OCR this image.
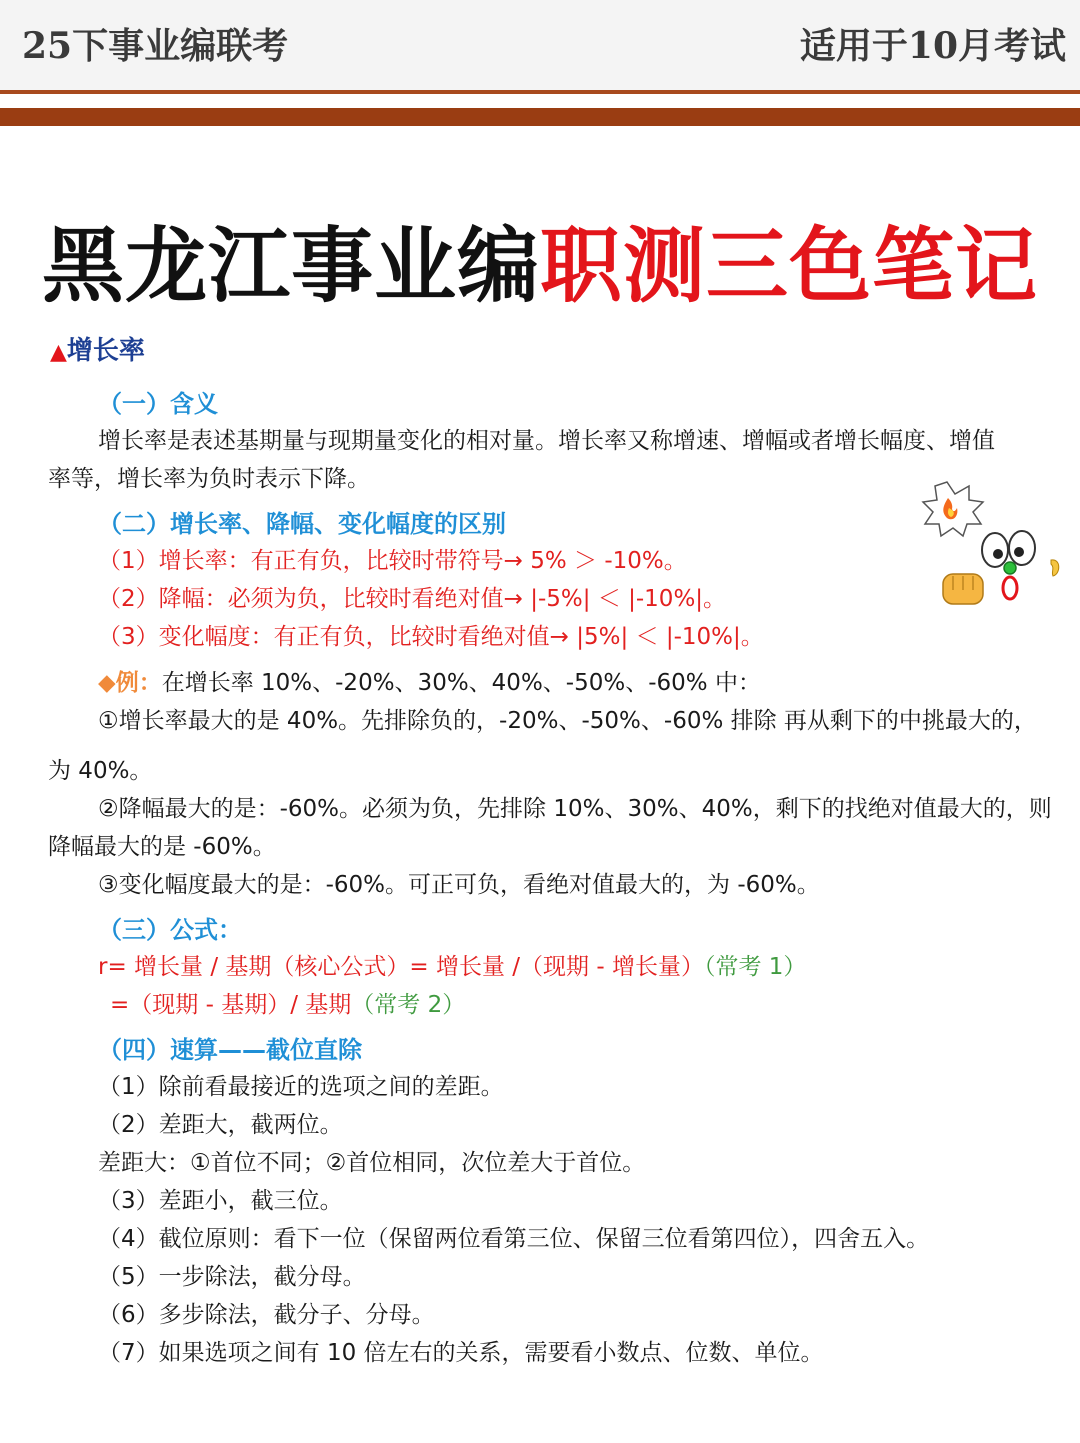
25下事业编联考	适用于10月考试
黑龙江事业编职测三色笔记
▲增长率
（一）含义
增长率是表述基期量与现期量变化的相对量。增长率又称增速、增幅或者增长幅度、增值
率等，增长率为负时表示下降。
（二）增长率、降幅、变化幅度的区别
（1）增长率：有正有负，比较时带符号→ 5% ＞ -10%。
（2）降幅：必须为负，比较时看绝对值→ |-5%| ＜ |-10%|。
（3）变化幅度：有正有负，比较时看绝对值→ |5%| ＜ |-10%|。
◆例：在增长率 10%、-20%、30%、40%、-50%、-60% 中：
①增长率最大的是 40%。先排除负的，-20%、-50%、-60% 排除 再从剩下的中挑最大的，
为 40%。
②降幅最大的是：-60%。必须为负，先排除 10%、30%、40%，剩下的找绝对值最大的，则
降幅最大的是 -60%。
③变化幅度最大的是：-60%。可正可负，看绝对值最大的，为 -60%。
（三）公式：
r= 增长量 / 基期（核心公式）= 增长量 /（现期 - 增长量）（常考 1）
=（现期 - 基期）/ 基期（常考 2）
（四）速算——截位直除
（1）除前看最接近的选项之间的差距。
（2）差距大，截两位。
差距大：①首位不同；②首位相同，次位差大于首位。
（3）差距小，截三位。
（4）截位原则：看下一位（保留两位看第三位、保留三位看第四位），四舍五入。
（5）一步除法，截分母。
（6）多步除法，截分子、分母。
（7）如果选项之间有 10 倍左右的关系，需要看小数点、位数、单位。
